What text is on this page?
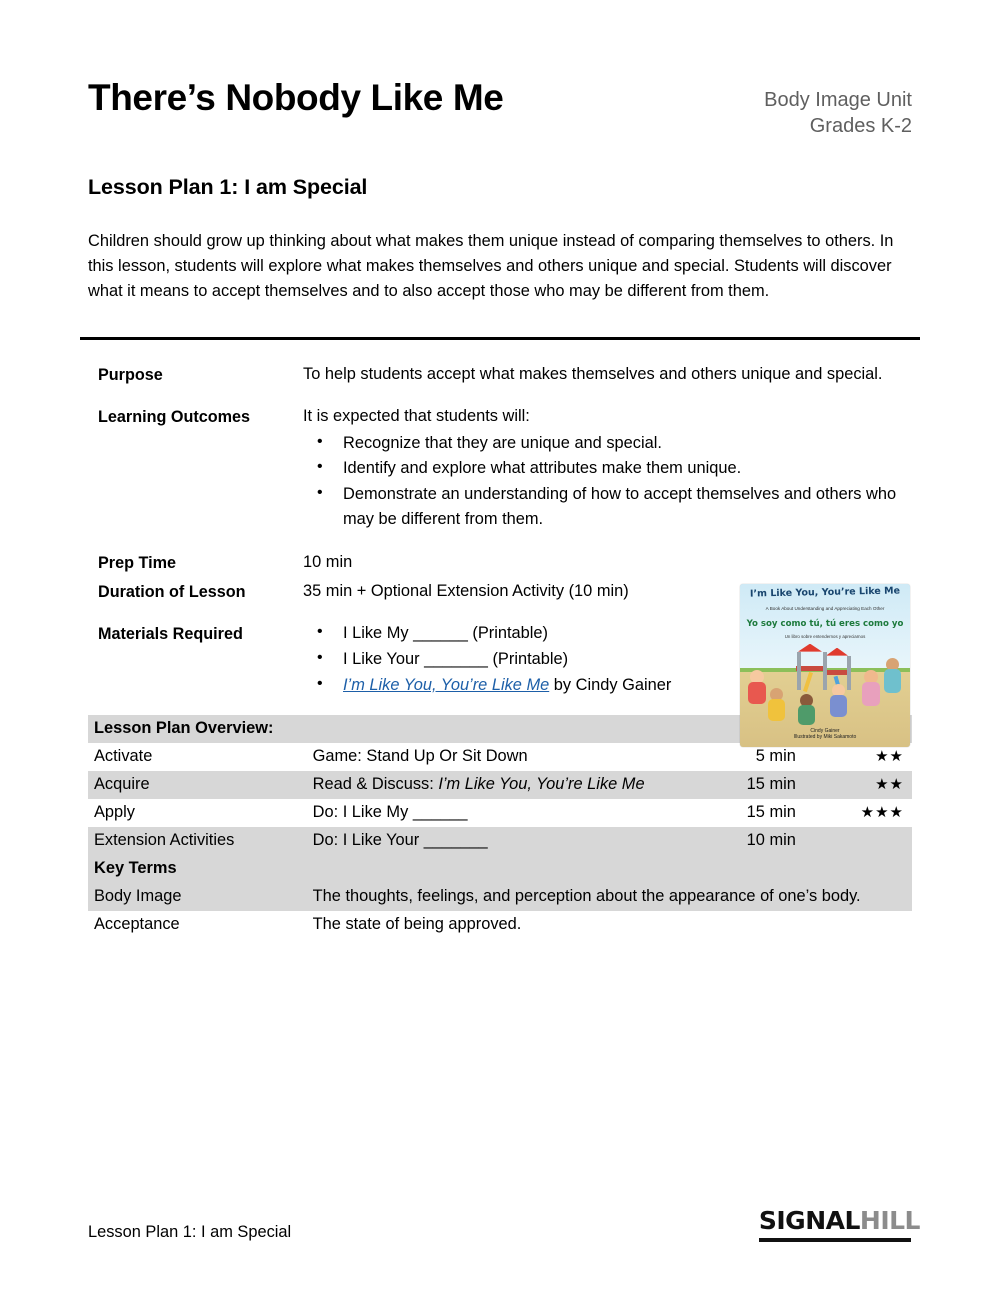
There’s Nobody Like Me	Body Image Unit
Grades K-2
Lesson Plan 1: I am Special
Children should grow up thinking about what makes them unique instead of comparing themselves to others. In this lesson, students will explore what makes themselves and others unique and special. Students will discover what it means to accept themselves and to also accept those who may be different from them.
Purpose	To help students accept what makes themselves and others unique and special.
Learning Outcomes	It is expected that students will:
• Recognize that they are unique and special.
• Identify and explore what attributes make them unique.
• Demonstrate an understanding of how to accept themselves and others who may be different from them.
Prep Time	10 min
Duration of Lesson	35 min + Optional Extension Activity (10 min)
Materials Required	• I Like My ______ (Printable)
• I Like Your _______ (Printable)
• I’m Like You, You’re Like Me by Cindy Gainer
I’m Like You, You’re Like Me
A Book About Understanding and Appreciating Each Other
Yo soy como tú, tú eres como yo
Un libro sobre entendernos y apreciarnos
Cindy Gainer
Illustrated by Miki Sakamoto
Lesson Plan Overview:			
Activate	Game: Stand Up Or Sit Down	5 min	★★
Acquire	Read & Discuss: I’m Like You, You’re Like Me	15 min	★★
Apply	Do: I Like My ______	15 min	★★★
Extension Activities	Do: I Like Your _______	10 min	
Key Terms			
Body Image	The thoughts, feelings, and perception about the appearance of one’s body.		
Acceptance	The state of being approved.		
Lesson Plan 1: I am Special	SIGNAL HILL
